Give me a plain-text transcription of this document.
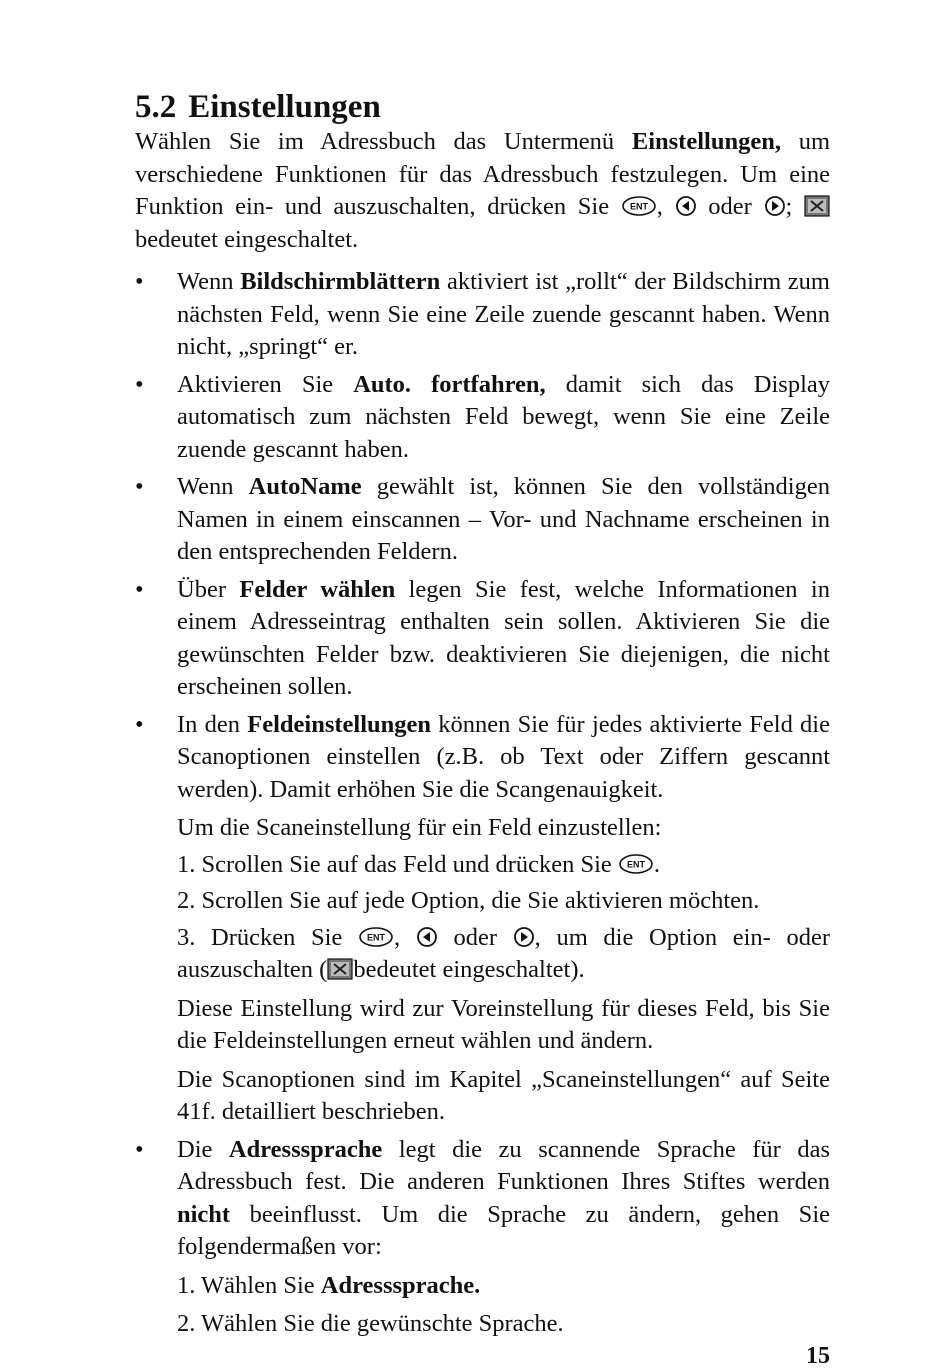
5.2 Einstellungen

Wählen Sie im Adressbuch das Untermenü Einstellungen, um verschiedene Funktionen für das Adressbuch festzulegen. Um eine Funktion ein- und auszuschalten, drücken Sie ENT ,
oder
;
bedeutet eingeschaltet.

• Wenn Bildschirmblättern aktiviert ist „rollt“ der Bildschirm zum nächsten Feld, wenn Sie eine Zeile zuende gescannt haben. Wenn nicht, „springt“ er.

• Aktivieren Sie Auto. fortfahren, damit sich das Display automatisch zum nächsten Feld bewegt, wenn Sie eine Zeile zuende gescannt haben.

• Wenn AutoName gewählt ist, können Sie den vollständigen Namen in einem einscannen – Vor- und Nachname erscheinen in den entsprechenden Feldern.

• Über Felder wählen legen Sie fest, welche Informationen in einem Adresseintrag enthalten sein sollen. Aktivieren Sie die gewünschten Felder bzw. deaktivieren Sie diejenigen, die nicht erscheinen sollen.

• In den Feldeinstellungen können Sie für jedes aktivierte Feld die Scanoptionen einstellen (z.B. ob Text oder Ziffern gescannt werden). Damit erhöhen Sie die Scangenauigkeit.

Um die Scaneinstellung für ein Feld einzustellen:

1. Scrollen Sie auf das Feld und drücken Sie ENT .

2. Scrollen Sie auf jede Option, die Sie aktivieren möchten.

3. Drücken Sie ENT ,
oder
, um die Option ein- oder auszuschalten ( bedeutet eingeschaltet).

Diese Einstellung wird zur Voreinstellung für dieses Feld, bis Sie die Feldeinstellungen erneut wählen und ändern.

Die Scanoptionen sind im Kapitel „Scaneinstellungen“ auf Seite 41f. detailliert beschrieben.

• Die Adresssprache legt die zu scannende Sprache für das Adressbuch fest. Die anderen Funktionen Ihres Stiftes werden nicht beeinflusst. Um die Sprache zu ändern, gehen Sie folgendermaßen vor:

1. Wählen Sie Adresssprache.

2. Wählen Sie die gewünschte Sprache.

15
